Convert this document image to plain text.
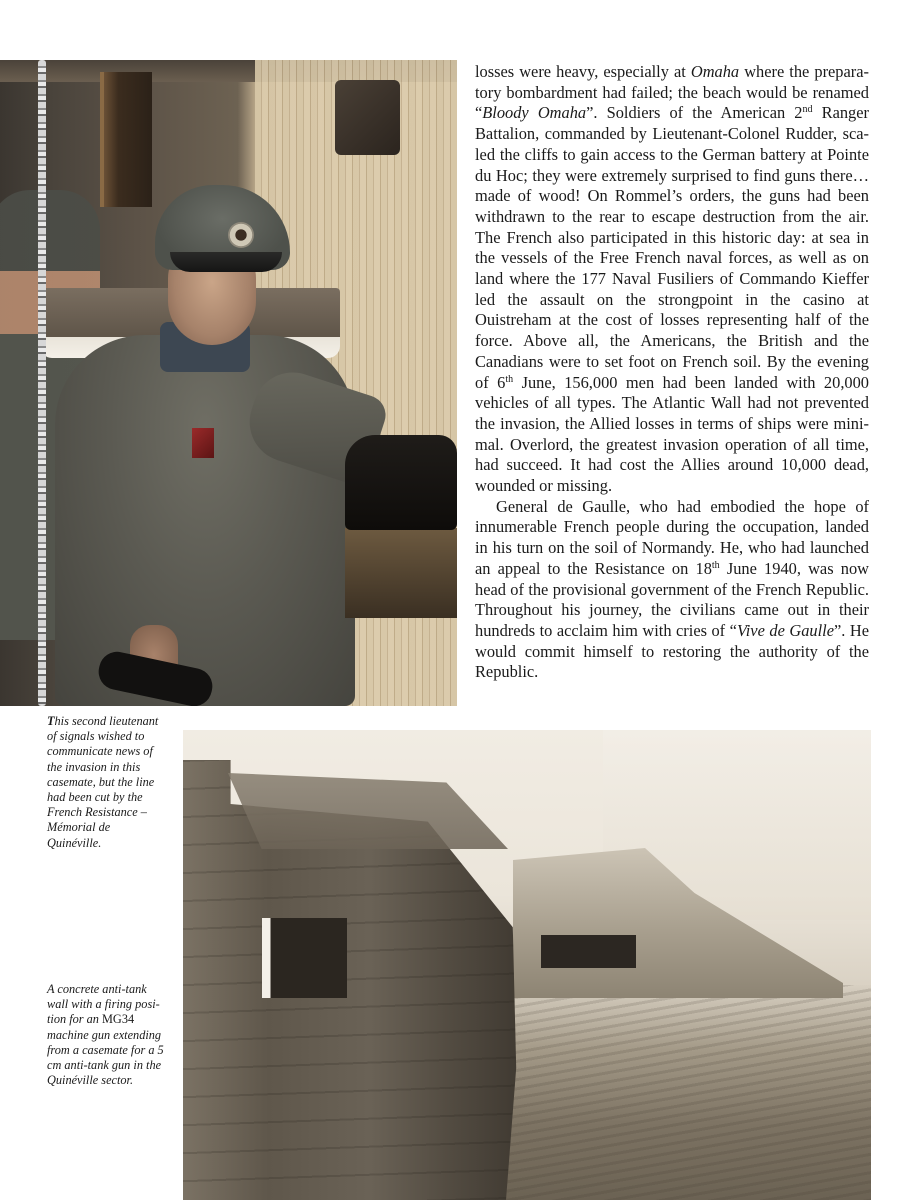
losses were heavy, especially at Omaha where the preparatory bombardment had failed; the beach would be renamed “Bloody Omaha”. Soldiers of the American 2nd Ranger Battalion, commanded by Lieutenant-Colonel Rudder, scaled the cliffs to gain access to the German battery at Pointe du Hoc; they were extremely surprised to find guns there…made of wood! On Rommel’s orders, the guns had been withdrawn to the rear to escape destruction from the air. The French also participated in this historic day: at sea in the vessels of the Free French naval forces, as well as on land where the 177 Naval Fusiliers of Commando Kieffer led the assault on the strongpoint in the casino at Ouistreham at the cost of losses representing half of the force. Above all, the Americans, the British and the Canadians were to set foot on French soil. By the evening of 6th June, 156,000 men had been landed with 20,000 vehicles of all types. The Atlantic Wall had not prevented the invasion, the Allied losses in terms of ships were minimal. Overlord, the greatest invasion operation of all time, had succeed. It had cost the Allies around 10,000 dead, wounded or missing.

General de Gaulle, who had embodied the hope of innumerable French people during the occupation, landed in his turn on the soil of Normandy. He, who had launched an appeal to the Resistance on 18th June 1940, was now head of the provisional government of the French Republic. Throughout his journey, the civilians came out in their hundreds to acclaim him with cries of “Vive de Gaulle”. He would commit himself to restoring the authority of the Republic.

This second lieutenant of signals wished to communicate news of the invasion in this casemate, but the line had been cut by the French Resistance – Mémorial de Quinéville.
A concrete anti-tank wall with a firing position for an MG34 machine gun extending from a casemate for a 5 cm anti-tank gun in the Quinéville sector.
